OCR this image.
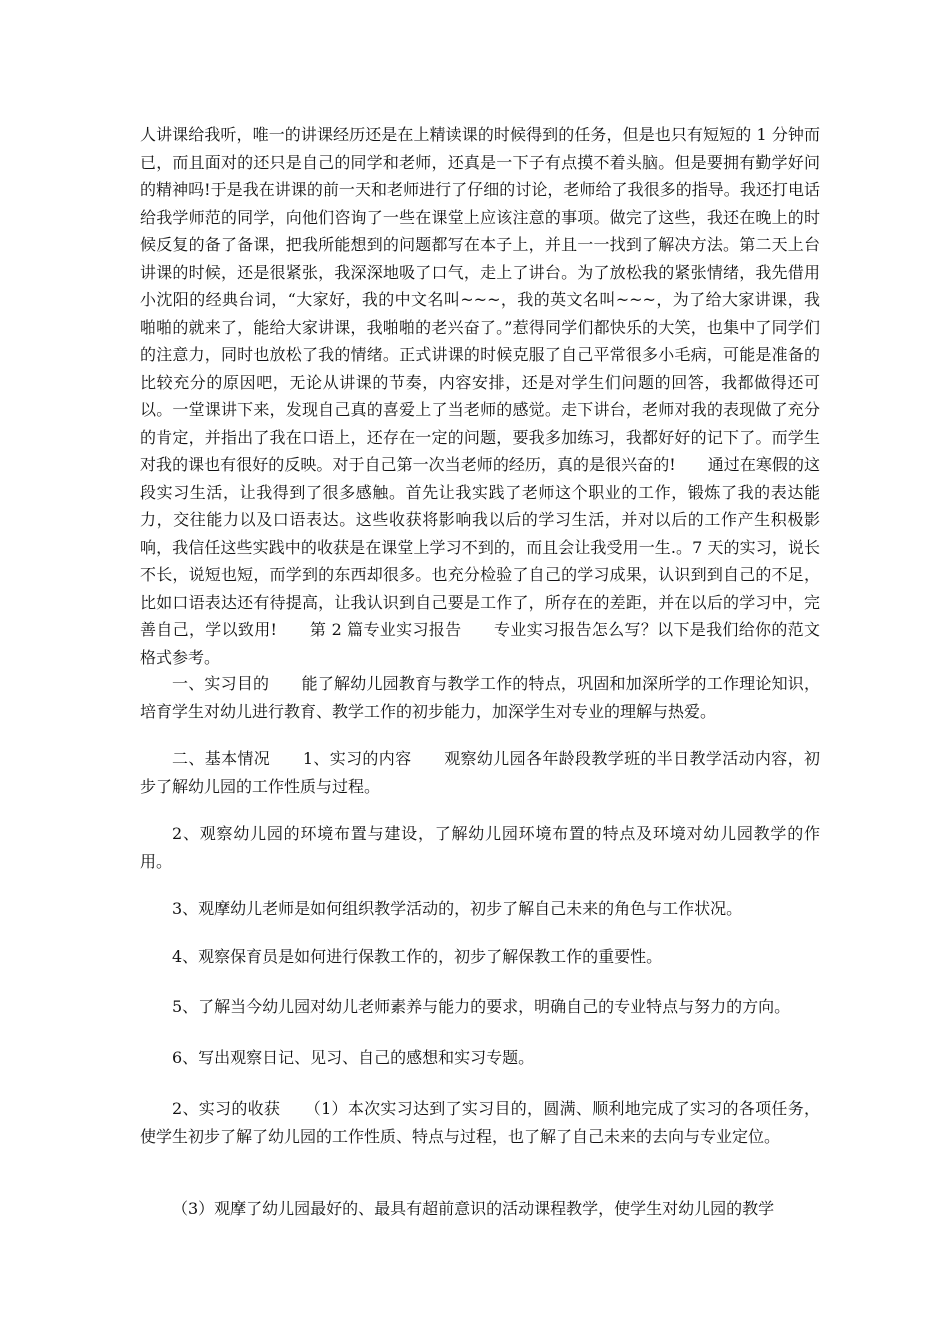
人讲课给我听，唯一的讲课经历还是在上精读课的时候得到的任务，但是也只有短短的 1 分钟而已，而且面对的还只是自己的同学和老师，还真是一下子有点摸不着头脑。但是要拥有勤学好问的精神吗!于是我在讲课的前一天和老师进行了仔细的讨论，老师给了我很多的指导。我还打电话给我学师范的同学，向他们咨询了一些在课堂上应该注意的事项。做完了这些，我还在晚上的时候反复的备了备课，把我所能想到的问题都写在本子上，并且一一找到了解决方法。第二天上台讲课的时候，还是很紧张，我深深地吸了口气，走上了讲台。为了放松我的紧张情绪，我先借用小沈阳的经典台词，“大家好，我的中文名叫~~~，我的英文名叫~~~，为了给大家讲课，我啪啪的就来了，能给大家讲课，我啪啪的老兴奋了。”惹得同学们都快乐的大笑，也集中了同学们的注意力，同时也放松了我的情绪。正式讲课的时候克服了自己平常很多小毛病，可能是准备的比较充分的原因吧，无论从讲课的节奏，内容安排，还是对学生们问题的回答，我都做得还可以。一堂课讲下来，发现自己真的喜爱上了当老师的感觉。走下讲台，老师对我的表现做了充分的肯定，并指出了我在口语上，还存在一定的问题，要我多加练习，我都好好的记下了。而学生对我的课也有很好的反映。对于自己第一次当老师的经历，真的是很兴奋的!　　通过在寒假的这段实习生活，让我得到了很多感触。首先让我实践了老师这个职业的工作，锻炼了我的表达能力，交往能力以及口语表达。这些收获将影响我以后的学习生活，并对以后的工作产生积极影响，我信任这些实践中的收获是在课堂上学习不到的，而且会让我受用一生.。7 天的实习，说长不长，说短也短，而学到的东西却很多。也充分检验了自己的学习成果，认识到到自己的不足，比如口语表达还有待提高，让我认识到自己要是工作了，所存在的差距，并在以后的学习中，完善自己，学以致用!　　第 2 篇专业实习报告　　专业实习报告怎么写？以下是我们给你的范文格式参考。

一、实习目的　　能了解幼儿园教育与教学工作的特点，巩固和加深所学的工作理论知识，培育学生对幼儿进行教育、教学工作的初步能力，加深学生对专业的理解与热爱。

二、基本情况　　1、实习的内容　　观察幼儿园各年龄段教学班的半日教学活动内容，初步了解幼儿园的工作性质与过程。

2、观察幼儿园的环境布置与建设，了解幼儿园环境布置的特点及环境对幼儿园教学的作用。

3、观摩幼儿老师是如何组织教学活动的，初步了解自己未来的角色与工作状况。

4、观察保育员是如何进行保教工作的，初步了解保教工作的重要性。

5、了解当今幼儿园对幼儿老师素养与能力的要求，明确自己的专业特点与努力的方向。

6、写出观察日记、见习、自己的感想和实习专题。

2、实习的收获　　（1）本次实习达到了实习目的，圆满、顺利地完成了实习的各项任务，使学生初步了解了幼儿园的工作性质、特点与过程，也了解了自己未来的去向与专业定位。

（3）观摩了幼儿园最好的、最具有超前意识的活动课程教学，使学生对幼儿园的教学
